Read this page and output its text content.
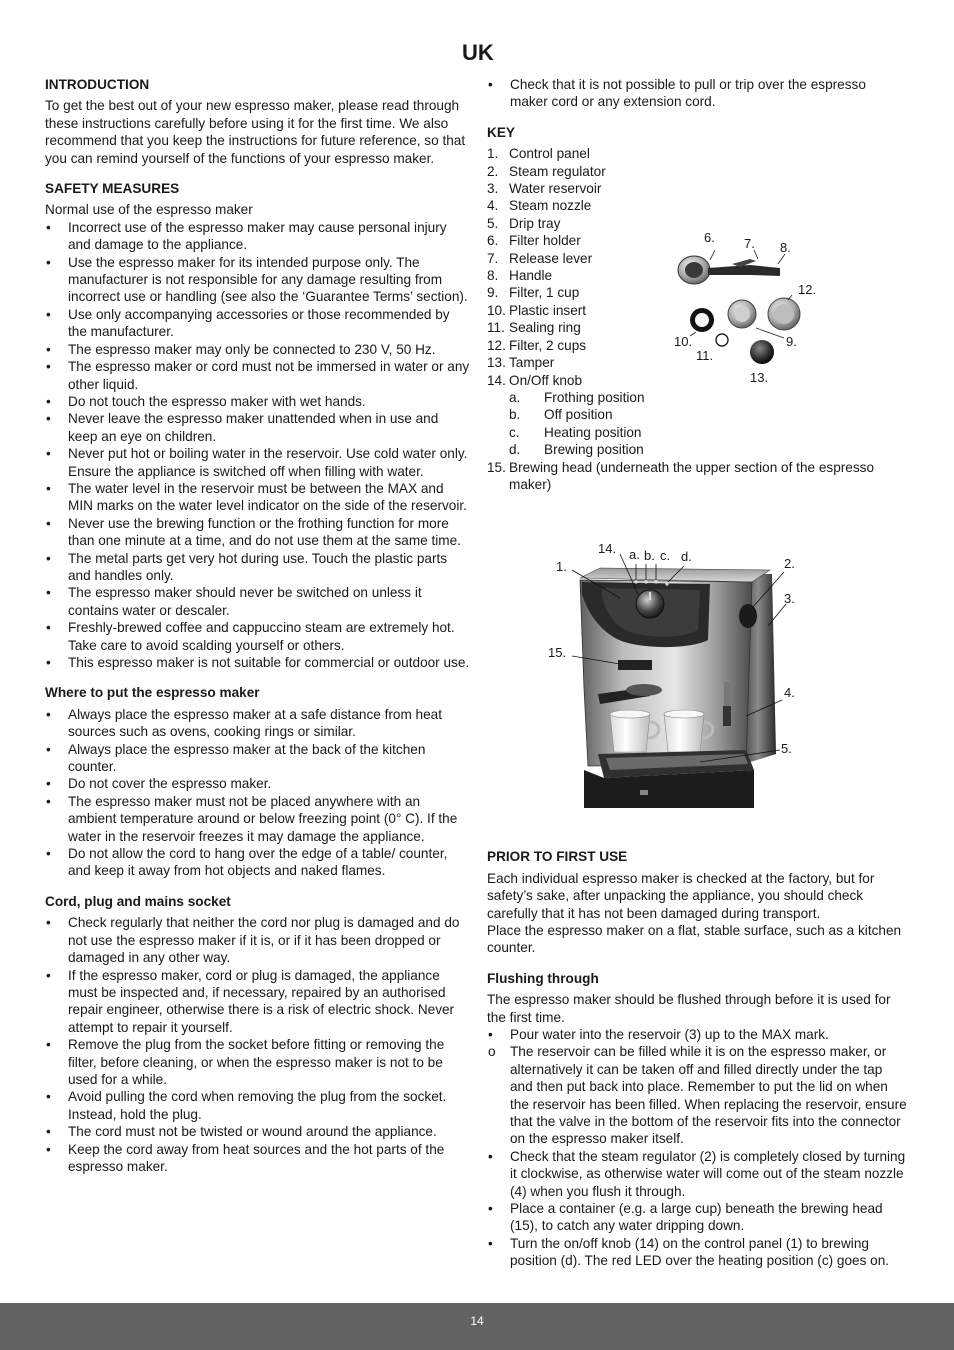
UK
INTRODUCTION

To get the best out of your new espresso maker, please read through these instructions carefully before using it for the first time. We also recommend that you keep the instructions for future reference, so that you can remind yourself of the functions of your espresso maker.

SAFETY MEASURES

Normal use of the espresso maker

• Incorrect use of the espresso maker may cause personal injury and damage to the appliance.
• Use the espresso maker for its intended purpose only. The manufacturer is not responsible for any damage resulting from incorrect use or handling (see also the ‘Guarantee Terms’ section).
• Use only accompanying accessories or those recommended by the manufacturer.
• The espresso maker may only be connected to 230 V, 50 Hz.
• The espresso maker or cord must not be immersed in water or any other liquid.
• Do not touch the espresso maker with wet hands.
• Never leave the espresso maker unattended when in use and keep an eye on children.
• Never put hot or boiling water in the reservoir. Use cold water only. Ensure the appliance is switched off when filling with water.
• The water level in the reservoir must be between the MAX and MIN marks on the water level indicator on the side of the reservoir.
• Never use the brewing function or the frothing function for more than one minute at a time, and do not use them at the same time.
• The metal parts get very hot during use. Touch the plastic parts and handles only.
• The espresso maker should never be switched on unless it contains water or descaler.
• Freshly-brewed coffee and cappuccino steam are extremely hot. Take care to avoid scalding yourself or others.
• This espresso maker is not suitable for commercial or outdoor use.
Where to put the espresso maker
• Always place the espresso maker at a safe distance from heat sources such as ovens, cooking rings or similar.
• Always place the espresso maker at the back of the kitchen counter.
• Do not cover the espresso maker.
• The espresso maker must not be placed anywhere with an ambient temperature around or below freezing point (0° C). If the water in the reservoir freezes it may damage the appliance.
• Do not allow the cord to hang over the edge of a table/ counter, and keep it away from hot objects and naked flames.
Cord, plug and mains socket
• Check regularly that neither the cord nor plug is damaged and do not use the espresso maker if it is, or if it has been dropped or damaged in any other way.
• If the espresso maker, cord or plug is damaged, the appliance must be inspected and, if necessary, repaired by an authorised repair engineer, otherwise there is a risk of electric shock. Never attempt to repair it yourself.
• Remove the plug from the socket before fitting or removing the filter, before cleaning, or when the espresso maker is not to be used for a while.
• Avoid pulling the cord when removing the plug from the socket. Instead, hold the plug.
• The cord must not be twisted or wound around the appliance.
• Keep the cord away from heat sources and the hot parts of the espresso maker.
• Check that it is not possible to pull or trip over the espresso maker cord or any extension cord.
KEY
1. Control panel
2. Steam regulator
3. Water reservoir
4. Steam nozzle
5. Drip tray
6. Filter holder
7. Release lever
8. Handle
9. Filter, 1 cup
10. Plastic insert
11. Sealing ring
12. Filter, 2 cups
13. Tamper
14. On/Off knob
a. Frothing position
b. Off position
c. Heating position
d. Brewing position
15. Brewing head (underneath the upper section of the espresso maker)
PRIOR TO FIRST USE

Each individual espresso maker is checked at the factory, but for safety’s sake, after unpacking the appliance, you should check carefully that it has not been damaged during transport.

Place the espresso maker on a flat, stable surface, such as a kitchen counter.

Flushing through

The espresso maker should be flushed through before it is used for the first time.

• Pour water into the reservoir (3) up to the MAX mark.
o The reservoir can be filled while it is on the espresso maker, or alternatively it can be taken off and filled directly under the tap and then put back into place. Remember to put the lid on when the reservoir has been filled. When replacing the reservoir, ensure that the valve in the bottom of the reservoir fits into the connector on the espresso maker itself.
• Check that the steam regulator (2) is completely closed by turning it clockwise, as otherwise water will come out of the steam nozzle (4) when you flush it through.
• Place a container (e.g. a large cup) beneath the brewing head (15), to catch any water dripping down.
• Turn the on/off knob (14) on the control panel (1) to brewing position (d). The red LED over the heating position (c) goes on.
6. 7. 8.
12.
10.
11.
9.
13.
14. a. b. c. d.
1.	2.
3.
15.
4.
5.
14
